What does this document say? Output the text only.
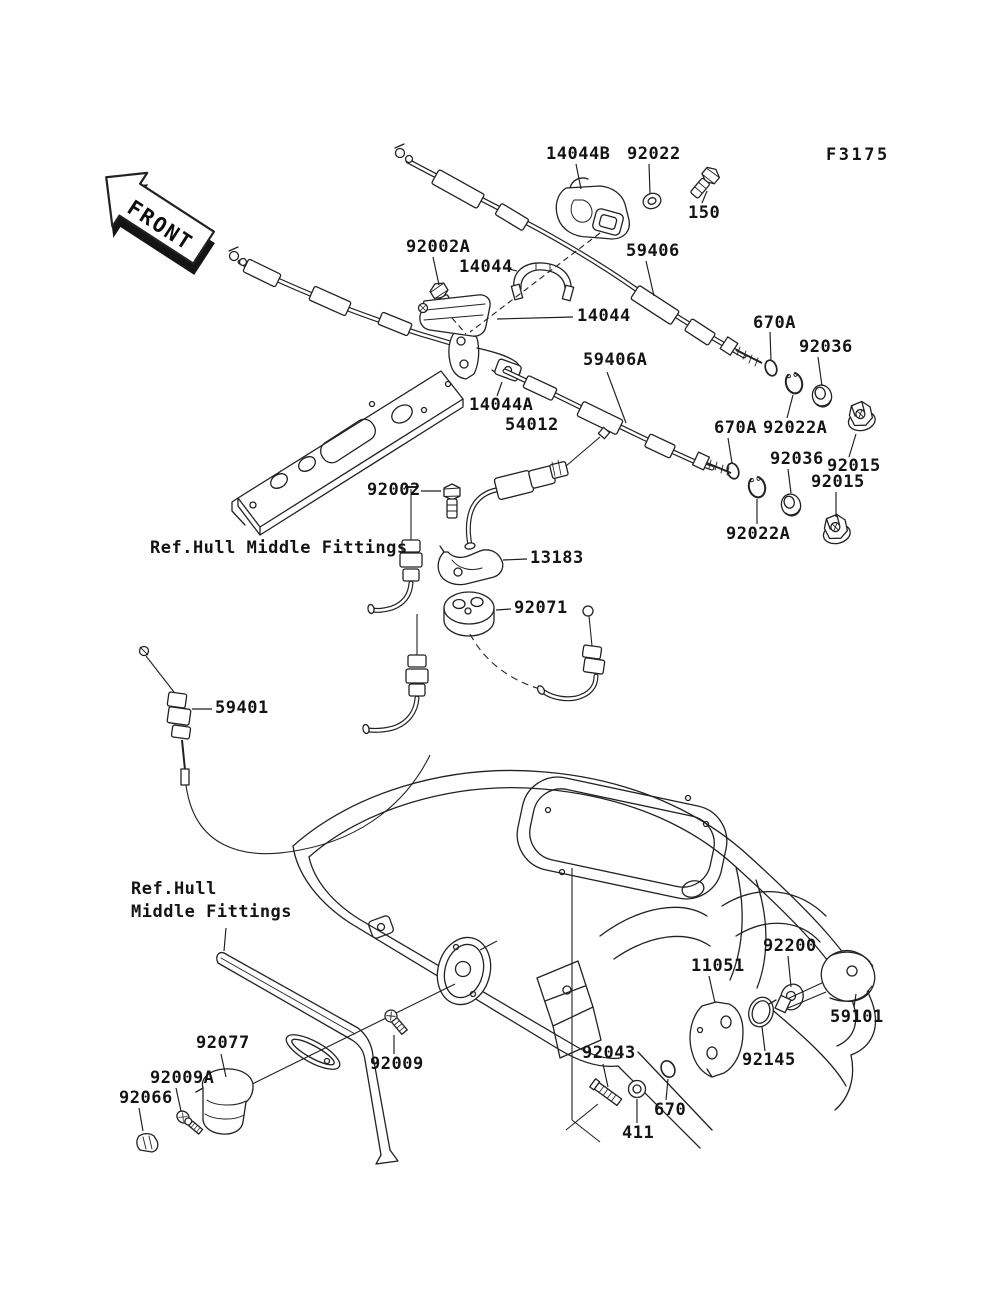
FRONT
14044B 92022	F3175
150
92002A
14044
59406
14044	670A
92036
59406A
14044A
54012	670A 92022A
92036 92015
92015
92002
92022A
Ref.Hull Middle Fittings	13183
92071
59401
Ref.Hull
Middle Fittings
92200
11051
59101
92077
92009
92009A
92066
92043	92145
670
411
